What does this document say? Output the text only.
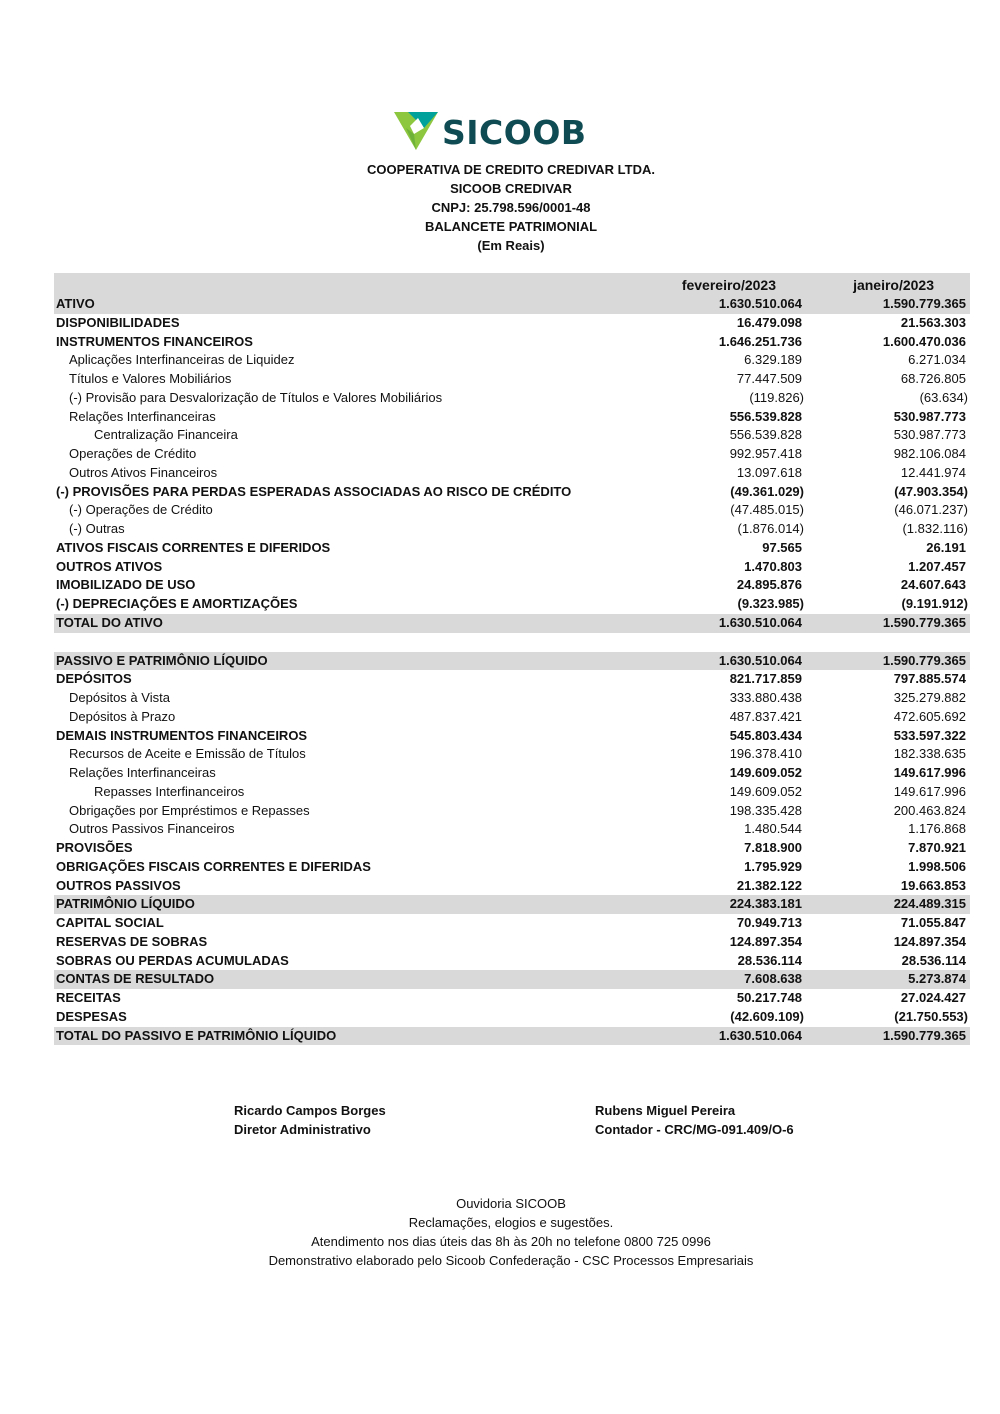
SICOOB
COOPERATIVA DE CREDITO CREDIVAR LTDA.
SICOOB CREDIVAR
CNPJ: 25.798.596/0001-48
BALANCETE PATRIMONIAL
(Em Reais)
fevereiro/2023	janeiro/2023
ATIVO	1.630.510.064	1.590.779.365
DISPONIBILIDADES	16.479.098	21.563.303
INSTRUMENTOS FINANCEIROS	1.646.251.736	1.600.470.036
Aplicações Interfinanceiras de Liquidez	6.329.189	6.271.034
Títulos e Valores Mobiliários	77.447.509	68.726.805
(-) Provisão para Desvalorização de Títulos e Valores Mobiliários	(119.826)	(63.634)
Relações Interfinanceiras	556.539.828	530.987.773
Centralização Financeira	556.539.828	530.987.773
Operações de Crédito	992.957.418	982.106.084
Outros Ativos Financeiros	13.097.618	12.441.974
(-) PROVISÕES PARA PERDAS ESPERADAS ASSOCIADAS AO RISCO DE CRÉDITO	(49.361.029)	(47.903.354)
(-) Operações de Crédito	(47.485.015)	(46.071.237)
(-) Outras	(1.876.014)	(1.832.116)
ATIVOS FISCAIS CORRENTES E DIFERIDOS	97.565	26.191
OUTROS ATIVOS	1.470.803	1.207.457
IMOBILIZADO DE USO	24.895.876	24.607.643
(-) DEPRECIAÇÕES E AMORTIZAÇÕES	(9.323.985)	(9.191.912)
TOTAL DO ATIVO	1.630.510.064	1.590.779.365
PASSIVO E PATRIMÔNIO LÍQUIDO	1.630.510.064	1.590.779.365
DEPÓSITOS	821.717.859	797.885.574
Depósitos à Vista	333.880.438	325.279.882
Depósitos à Prazo	487.837.421	472.605.692
DEMAIS INSTRUMENTOS FINANCEIROS	545.803.434	533.597.322
Recursos de Aceite e Emissão de Títulos	196.378.410	182.338.635
Relações Interfinanceiras	149.609.052	149.617.996
Repasses Interfinanceiros	149.609.052	149.617.996
Obrigações por Empréstimos e Repasses	198.335.428	200.463.824
Outros Passivos Financeiros	1.480.544	1.176.868
PROVISÕES	7.818.900	7.870.921
OBRIGAÇÕES FISCAIS CORRENTES E DIFERIDAS	1.795.929	1.998.506
OUTROS PASSIVOS	21.382.122	19.663.853
PATRIMÔNIO LÍQUIDO	224.383.181	224.489.315
CAPITAL SOCIAL	70.949.713	71.055.847
RESERVAS DE SOBRAS	124.897.354	124.897.354
SOBRAS OU PERDAS ACUMULADAS	28.536.114	28.536.114
CONTAS DE RESULTADO	7.608.638	5.273.874
RECEITAS	50.217.748	27.024.427
DESPESAS	(42.609.109)	(21.750.553)
TOTAL DO PASSIVO E PATRIMÔNIO LÍQUIDO	1.630.510.064	1.590.779.365
Ricardo Campos Borges
Diretor Administrativo
Rubens Miguel Pereira
Contador - CRC/MG-091.409/O-6
Ouvidoria SICOOB
Reclamações, elogios e sugestões.
Atendimento nos dias úteis das 8h às 20h no telefone 0800 725 0996
Demonstrativo elaborado pelo Sicoob Confederação - CSC Processos Empresariais
